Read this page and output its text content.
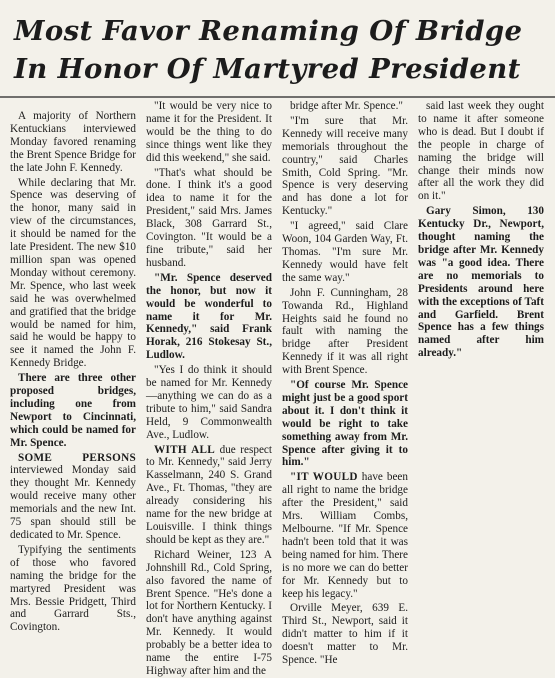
Most Favor Renaming Of Bridge
In Honor Of Martyred President

A majority of Northern Kentuckians interviewed Monday favored renaming the Brent Spence Bridge for the late John F. Kennedy.

While declaring that Mr. Spence was deserving of the honor, many said in view of the circumstances, it should be named for the late President. The new $10 million span was opened Monday without ceremony. Mr. Spence, who last week said he was overwhelmed and gratified that the bridge would be named for him, said he would be happy to see it named the John F. Kennedy Bridge.

There are three other proposed bridges, including one from Newport to Cincinnati, which could be named for Mr. Spence.

SOME PERSONS interviewed Monday said they thought Mr. Kennedy would receive many other memorials and the new Int. 75 span should still be dedicated to Mr. Spence.

Typifying the sentiments of those who favored naming the bridge for the martyred President was Mrs. Bessie Pridgett, Third and Garrard Sts., Covington.

"It would be very nice to name it for the President. It would be the thing to do since things went like they did this weekend," she said.

"That's what should be done. I think it's a good idea to name it for the President," said Mrs. James Black, 308 Garrard St., Covington. "It would be a fine tribute," said her husband.

"Mr. Spence deserved the honor, but now it would be wonderful to name it for Mr. Kennedy," said Frank Horak, 216 Stokesay St., Ludlow.

"Yes I do think it should be named for Mr. Kennedy—anything we can do as a tribute to him," said Sandra Held, 9 Commonwealth Ave., Ludlow.

WITH ALL due respect to Mr. Kennedy," said Jerry Kasselmann, 240 S. Grand Ave., Ft. Thomas, "they are already considering his name for the new bridge at Louisville. I think things should be kept as they are."

Richard Weiner, 123 A Johnshill Rd., Cold Spring, also favored the name of Brent Spence. "He's done a lot for Northern Kentucky. I don't have anything against Mr. Kennedy. It would probably be a better idea to name the entire I-75 Highway after him and the

bridge after Mr. Spence."

"I'm sure that Mr. Kennedy will receive many memorials throughout the country," said Charles Smith, Cold Spring. "Mr. Spence is very deserving and has done a lot for Kentucky."

"I agreed," said Clare Woon, 104 Garden Way, Ft. Thomas. "I'm sure Mr. Kennedy would have felt the same way."

John F. Cunningham, 28 Towanda Rd., Highland Heights said he found no fault with naming the bridge after President Kennedy if it was all right with Brent Spence.

"Of course Mr. Spence might just be a good sport about it. I don't think it would be right to take something away from Mr. Spence after giving it to him."

"IT WOULD have been all right to name the bridge after the President," said Mrs. William Combs, Melbourne. "If Mr. Spence hadn't been told that it was being named for him. There is no more we can do better for Mr. Kennedy but to keep his legacy."

Orville Meyer, 639 E. Third St., Newport, said it didn't matter to him if it doesn't matter to Mr. Spence. "He

said last week they ought to name it after someone who is dead. But I doubt if the people in charge of naming the bridge will change their minds now after all the work they did on it."

Gary Simon, 130 Kentucky Dr., Newport, thought naming the bridge after Mr. Kennedy was "a good idea. There are no memorials to Presidents around here with the exceptions of Taft and Garfield. Brent Spence has a few things named after him already."
